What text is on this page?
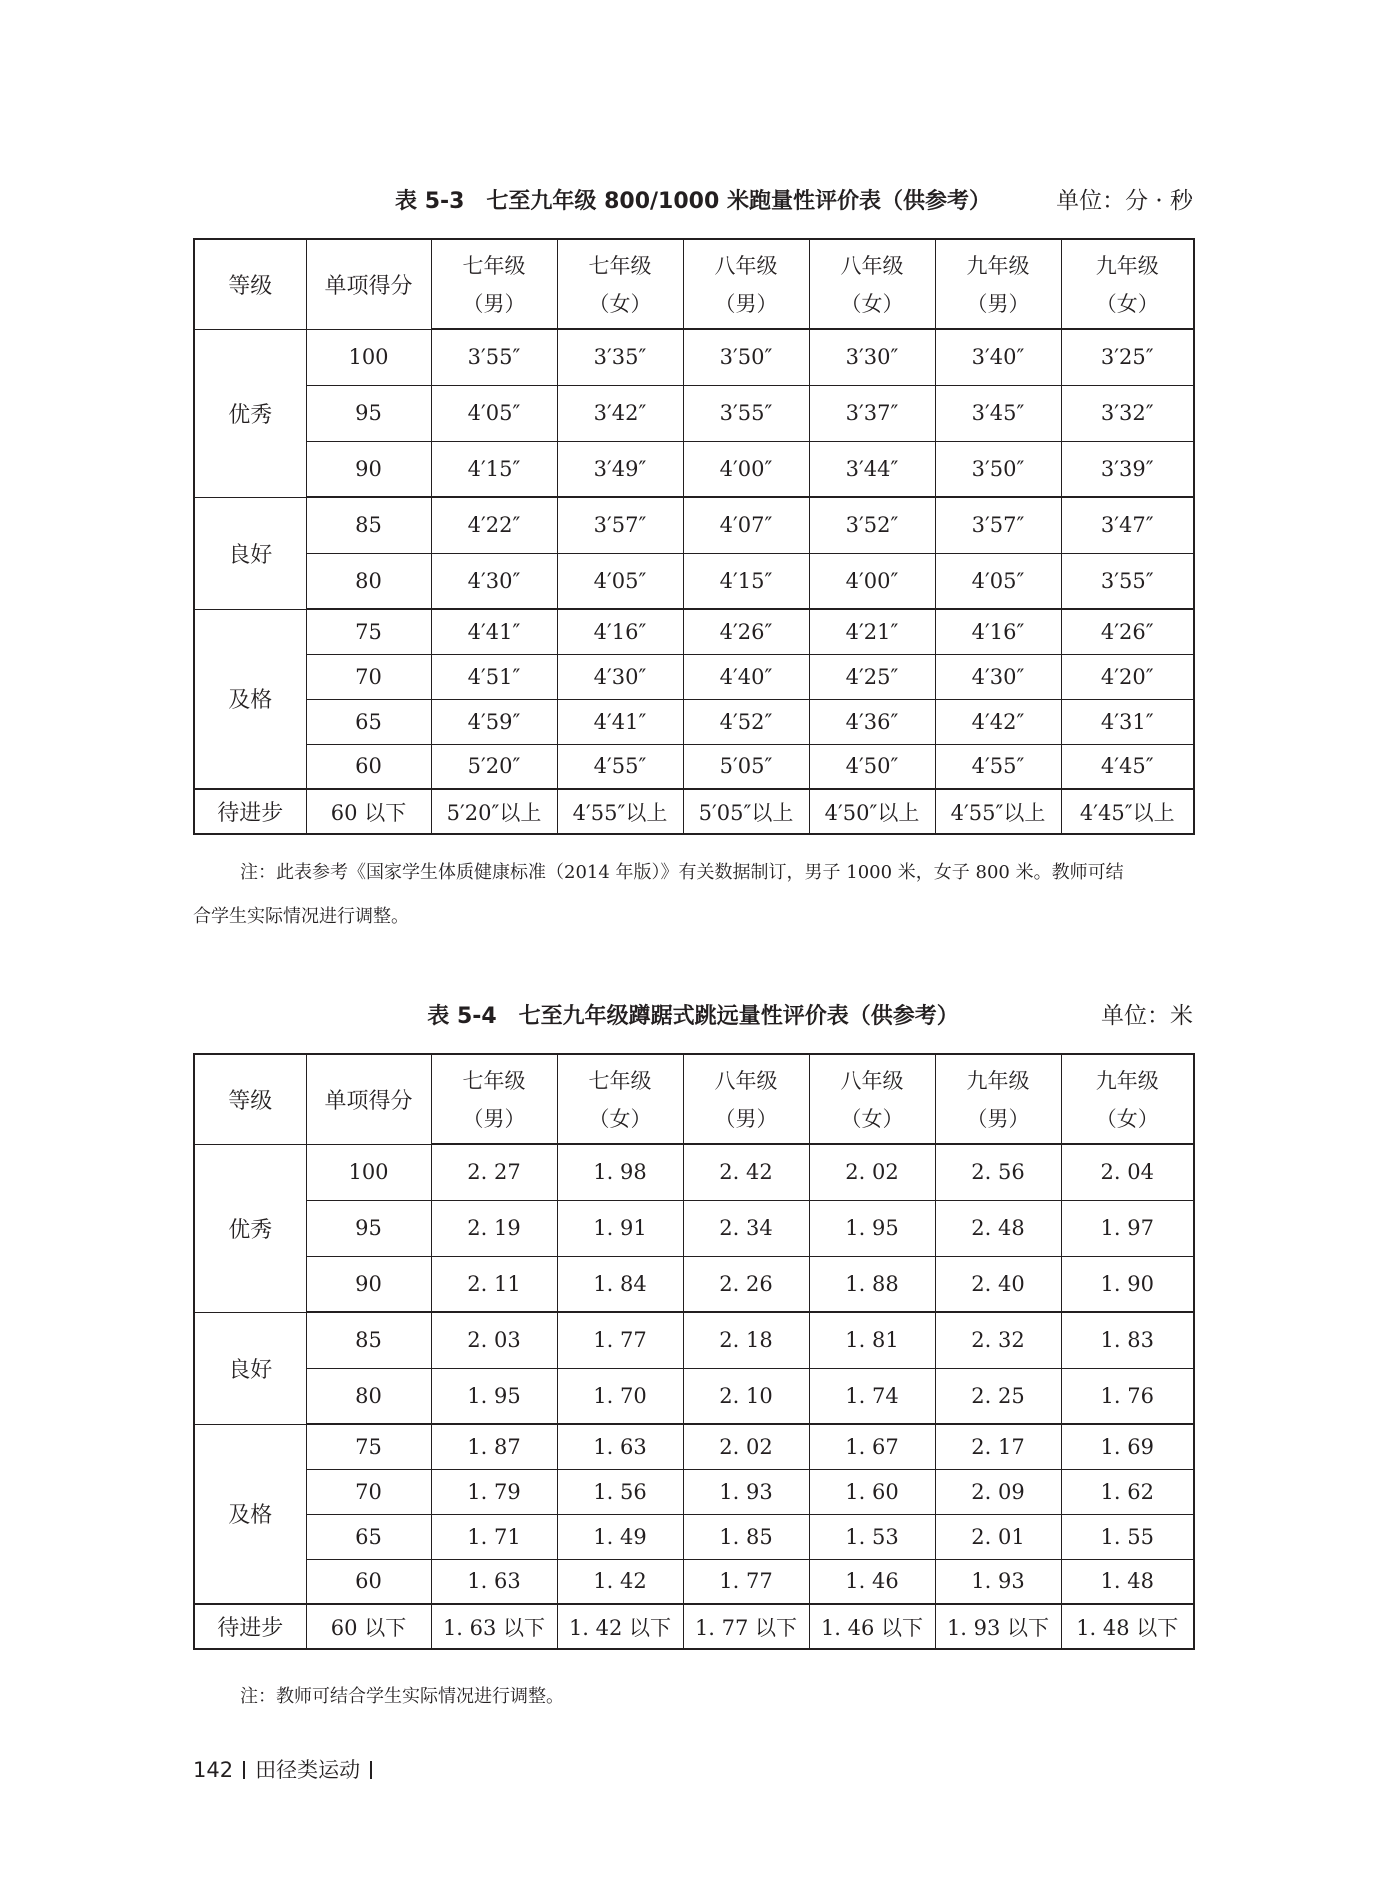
表 5-3　七至九年级 800/1000 米跑量性评价表（供参考）	单位：分 · 秒
等级	单项得分	七年级	七年级	八年级	八年级	九年级	九年级
		（男）	（女）	（男）	（女）	（男）	（女）
优秀	100	3′55″	3′35″	3′50″	3′30″	3′40″	3′25″
	95	4′05″	3′42″	3′55″	3′37″	3′45″	3′32″
	90	4′15″	3′49″	4′00″	3′44″	3′50″	3′39″
良好	85	4′22″	3′57″	4′07″	3′52″	3′57″	3′47″
	80	4′30″	4′05″	4′15″	4′00″	4′05″	3′55″
及格	75	4′41″	4′16″	4′26″	4′21″	4′16″	4′26″
	70	4′51″	4′30″	4′40″	4′25″	4′30″	4′20″
	65	4′59″	4′41″	4′52″	4′36″	4′42″	4′31″
	60	5′20″	4′55″	5′05″	4′50″	4′55″	4′45″
待进步	60 以下	5′20″以上	4′55″以上	5′05″以上	4′50″以上	4′55″以上	4′45″以上
注：此表参考《国家学生体质健康标准（2014 年版）》有关数据制订，男子 1000 米，女子 800 米。教师可结
合学生实际情况进行调整。
表 5-4　七至九年级蹲踞式跳远量性评价表（供参考）	单位：米
等级	单项得分	七年级	七年级	八年级	八年级	九年级	九年级
		（男）	（女）	（男）	（女）	（男）	（女）
优秀	100	2. 27	1. 98	2. 42	2. 02	2. 56	2. 04
	95	2. 19	1. 91	2. 34	1. 95	2. 48	1. 97
	90	2. 11	1. 84	2. 26	1. 88	2. 40	1. 90
良好	85	2. 03	1. 77	2. 18	1. 81	2. 32	1. 83
	80	1. 95	1. 70	2. 10	1. 74	2. 25	1. 76
及格	75	1. 87	1. 63	2. 02	1. 67	2. 17	1. 69
	70	1. 79	1. 56	1. 93	1. 60	2. 09	1. 62
	65	1. 71	1. 49	1. 85	1. 53	2. 01	1. 55
	60	1. 63	1. 42	1. 77	1. 46	1. 93	1. 48
待进步	60 以下	1. 63 以下	1. 42 以下	1. 77 以下	1. 46 以下	1. 93 以下	1. 48 以下
注：教师可结合学生实际情况进行调整。
142 田径类运动
